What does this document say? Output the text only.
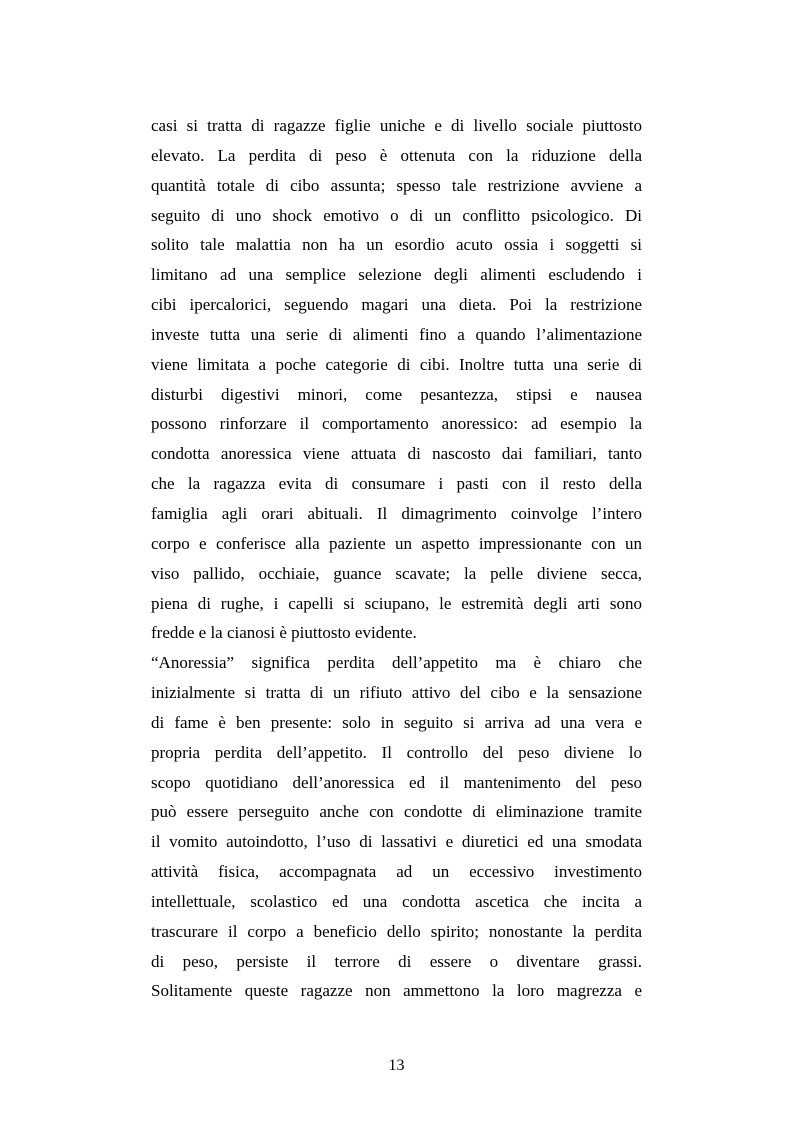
casi si tratta di ragazze figlie uniche e di livello sociale piuttosto
elevato. La perdita di peso è ottenuta con la riduzione della
quantità totale di cibo assunta; spesso tale restrizione avviene a
seguito di uno shock emotivo o di un conflitto psicologico. Di
solito tale malattia non ha un esordio acuto ossia i soggetti si
limitano ad una semplice selezione degli alimenti escludendo i
cibi ipercalorici, seguendo magari una dieta. Poi la restrizione
investe tutta una serie di alimenti fino a quando l’alimentazione
viene limitata a poche categorie di cibi. Inoltre tutta una serie di
disturbi digestivi minori, come pesantezza, stipsi e nausea
possono rinforzare il comportamento anoressico: ad esempio la
condotta anoressica viene attuata di nascosto dai familiari, tanto
che la ragazza evita di consumare i pasti con il resto della
famiglia agli orari abituali. Il dimagrimento coinvolge l’intero
corpo e conferisce alla paziente un aspetto impressionante con un
viso pallido, occhiaie, guance scavate; la pelle diviene secca,
piena di rughe, i capelli si sciupano, le estremità degli arti sono
fredde e la cianosi è piuttosto evidente.
“Anoressia” significa perdita dell’appetito ma è chiaro che
inizialmente si tratta di un rifiuto attivo del cibo e la sensazione
di fame è ben presente: solo in seguito si arriva ad una vera e
propria perdita dell’appetito. Il controllo del peso diviene lo
scopo quotidiano dell’anoressica ed il mantenimento del peso
può essere perseguito anche con condotte di eliminazione tramite
il vomito autoindotto, l’uso di lassativi e diuretici ed una smodata
attività fisica, accompagnata ad un eccessivo investimento
intellettuale, scolastico ed una condotta ascetica che incita a
trascurare il corpo a beneficio dello spirito; nonostante la perdita
di peso, persiste il terrore di essere o diventare grassi.
Solitamente queste ragazze non ammettono la loro magrezza e
13
